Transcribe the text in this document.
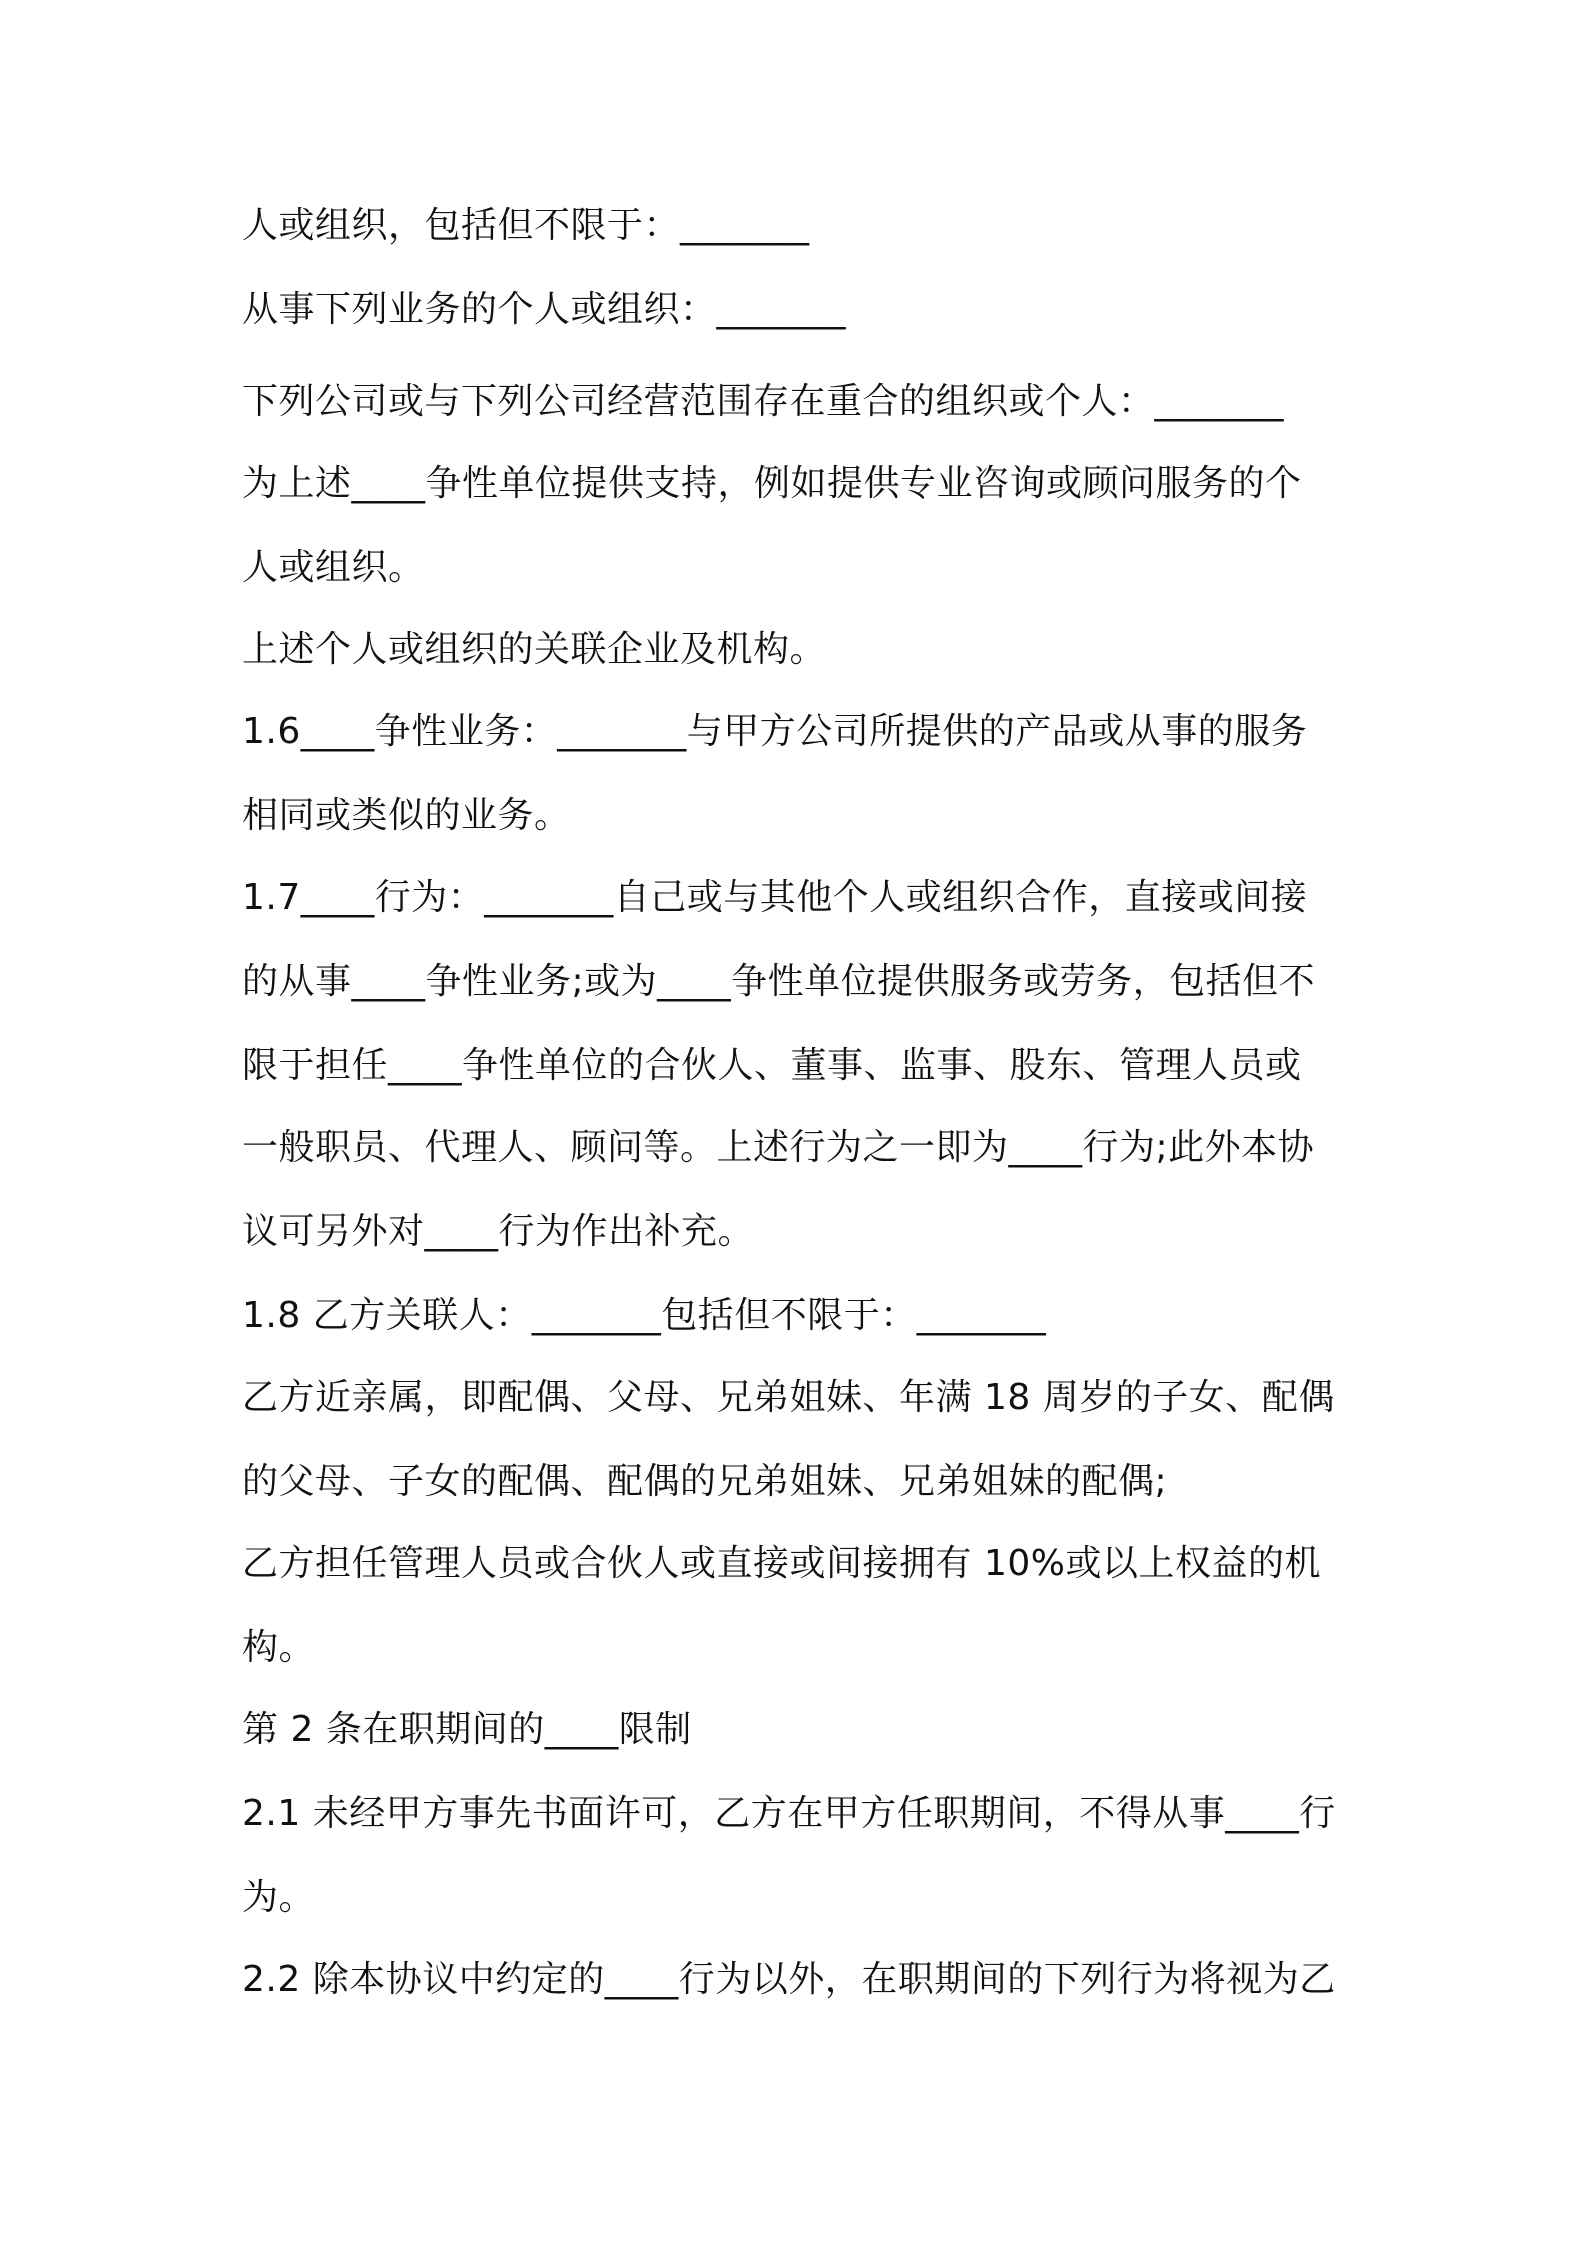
人或组织，包括但不限于：_______
从事下列业务的个人或组织：_______
下列公司或与下列公司经营范围存在重合的组织或个人：_______
为上述____争性单位提供支持，例如提供专业咨询或顾问服务的个
人或组织。
上述个人或组织的关联企业及机构。
1.6____争性业务：_______与甲方公司所提供的产品或从事的服务
相同或类似的业务。
1.7____行为：_______自己或与其他个人或组织合作，直接或间接
的从事____争性业务;或为____争性单位提供服务或劳务，包括但不
限于担任____争性单位的合伙人、董事、监事、股东、管理人员或
一般职员、代理人、顾问等。上述行为之一即为____行为;此外本协
议可另外对____行为作出补充。
1.8 乙方关联人：_______包括但不限于：_______
乙方近亲属，即配偶、父母、兄弟姐妹、年满 18 周岁的子女、配偶
的父母、子女的配偶、配偶的兄弟姐妹、兄弟姐妹的配偶;
乙方担任管理人员或合伙人或直接或间接拥有 10%或以上权益的机
构。
第 2 条在职期间的____限制
2.1 未经甲方事先书面许可，乙方在甲方任职期间，不得从事____行
为。
2.2 除本协议中约定的____行为以外，在职期间的下列行为将视为乙
